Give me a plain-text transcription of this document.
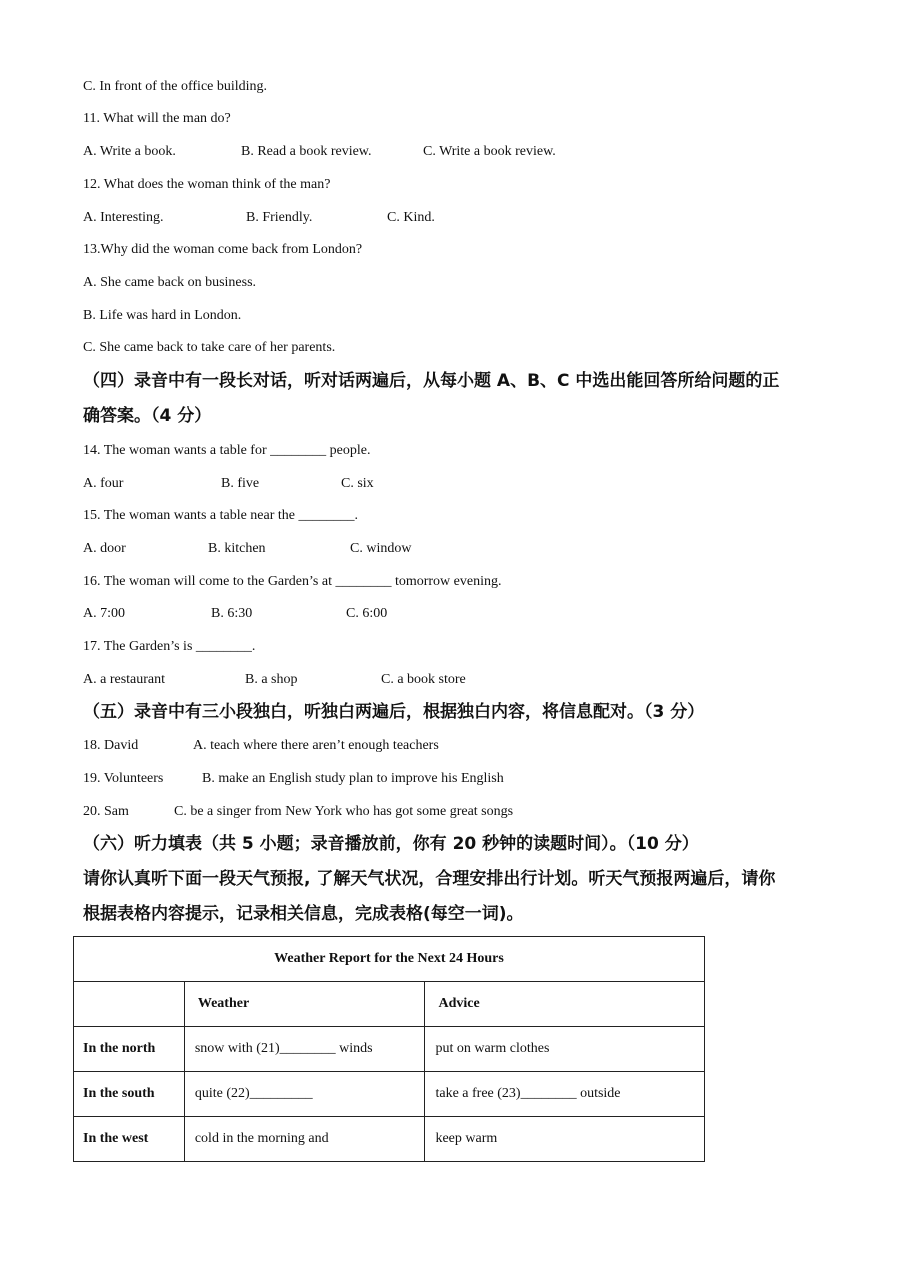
C. In front of the office building.
11. What will the man do?
A. Write a book.	B. Read a book review.	C. Write a book review.
12. What does the woman think of the man?
A. Interesting.	B. Friendly.	C. Kind.
13.Why did the woman come back from London?
A. She came back on business.
B. Life was hard in London.
C. She came back to take care of her parents.
（四）录音中有一段长对话，听对话两遍后，从每小题 A、B、C 中选出能回答所给问题的正
确答案。（4 分）
14. The woman wants a table for ________ people.
A. four	B. five	C. six
15. The woman wants a table near the ________.
A. door	B. kitchen	C. window
16. The woman will come to the Garden’s at ________ tomorrow evening.
A. 7:00	B. 6:30	C. 6:00
17. The Garden’s is ________.
A. a restaurant	B. a shop	C. a book store
（五）录音中有三小段独白，听独白两遍后，根据独白内容，将信息配对。（3 分）
18. David	A. teach where there aren’t enough teachers
19. Volunteers	B. make an English study plan to improve his English
20. Sam	C. be a singer from New York who has got some great songs
（六）听力填表（共 5 小题；录音播放前，你有 20 秒钟的读题时间）。（10 分）
请你认真听下面一段天气预报, 了解天气状况，合理安排出行计划。听天气预报两遍后，请你
根据表格内容提示，记录相关信息，完成表格(每空一词)。
Weather Report for the Next 24 Hours		
	Weather	Advice
In the north	snow with (21)________ winds	put on warm clothes
In the south	quite (22)_________	take a free (23)________ outside
In the west	cold in the morning and	keep warm
